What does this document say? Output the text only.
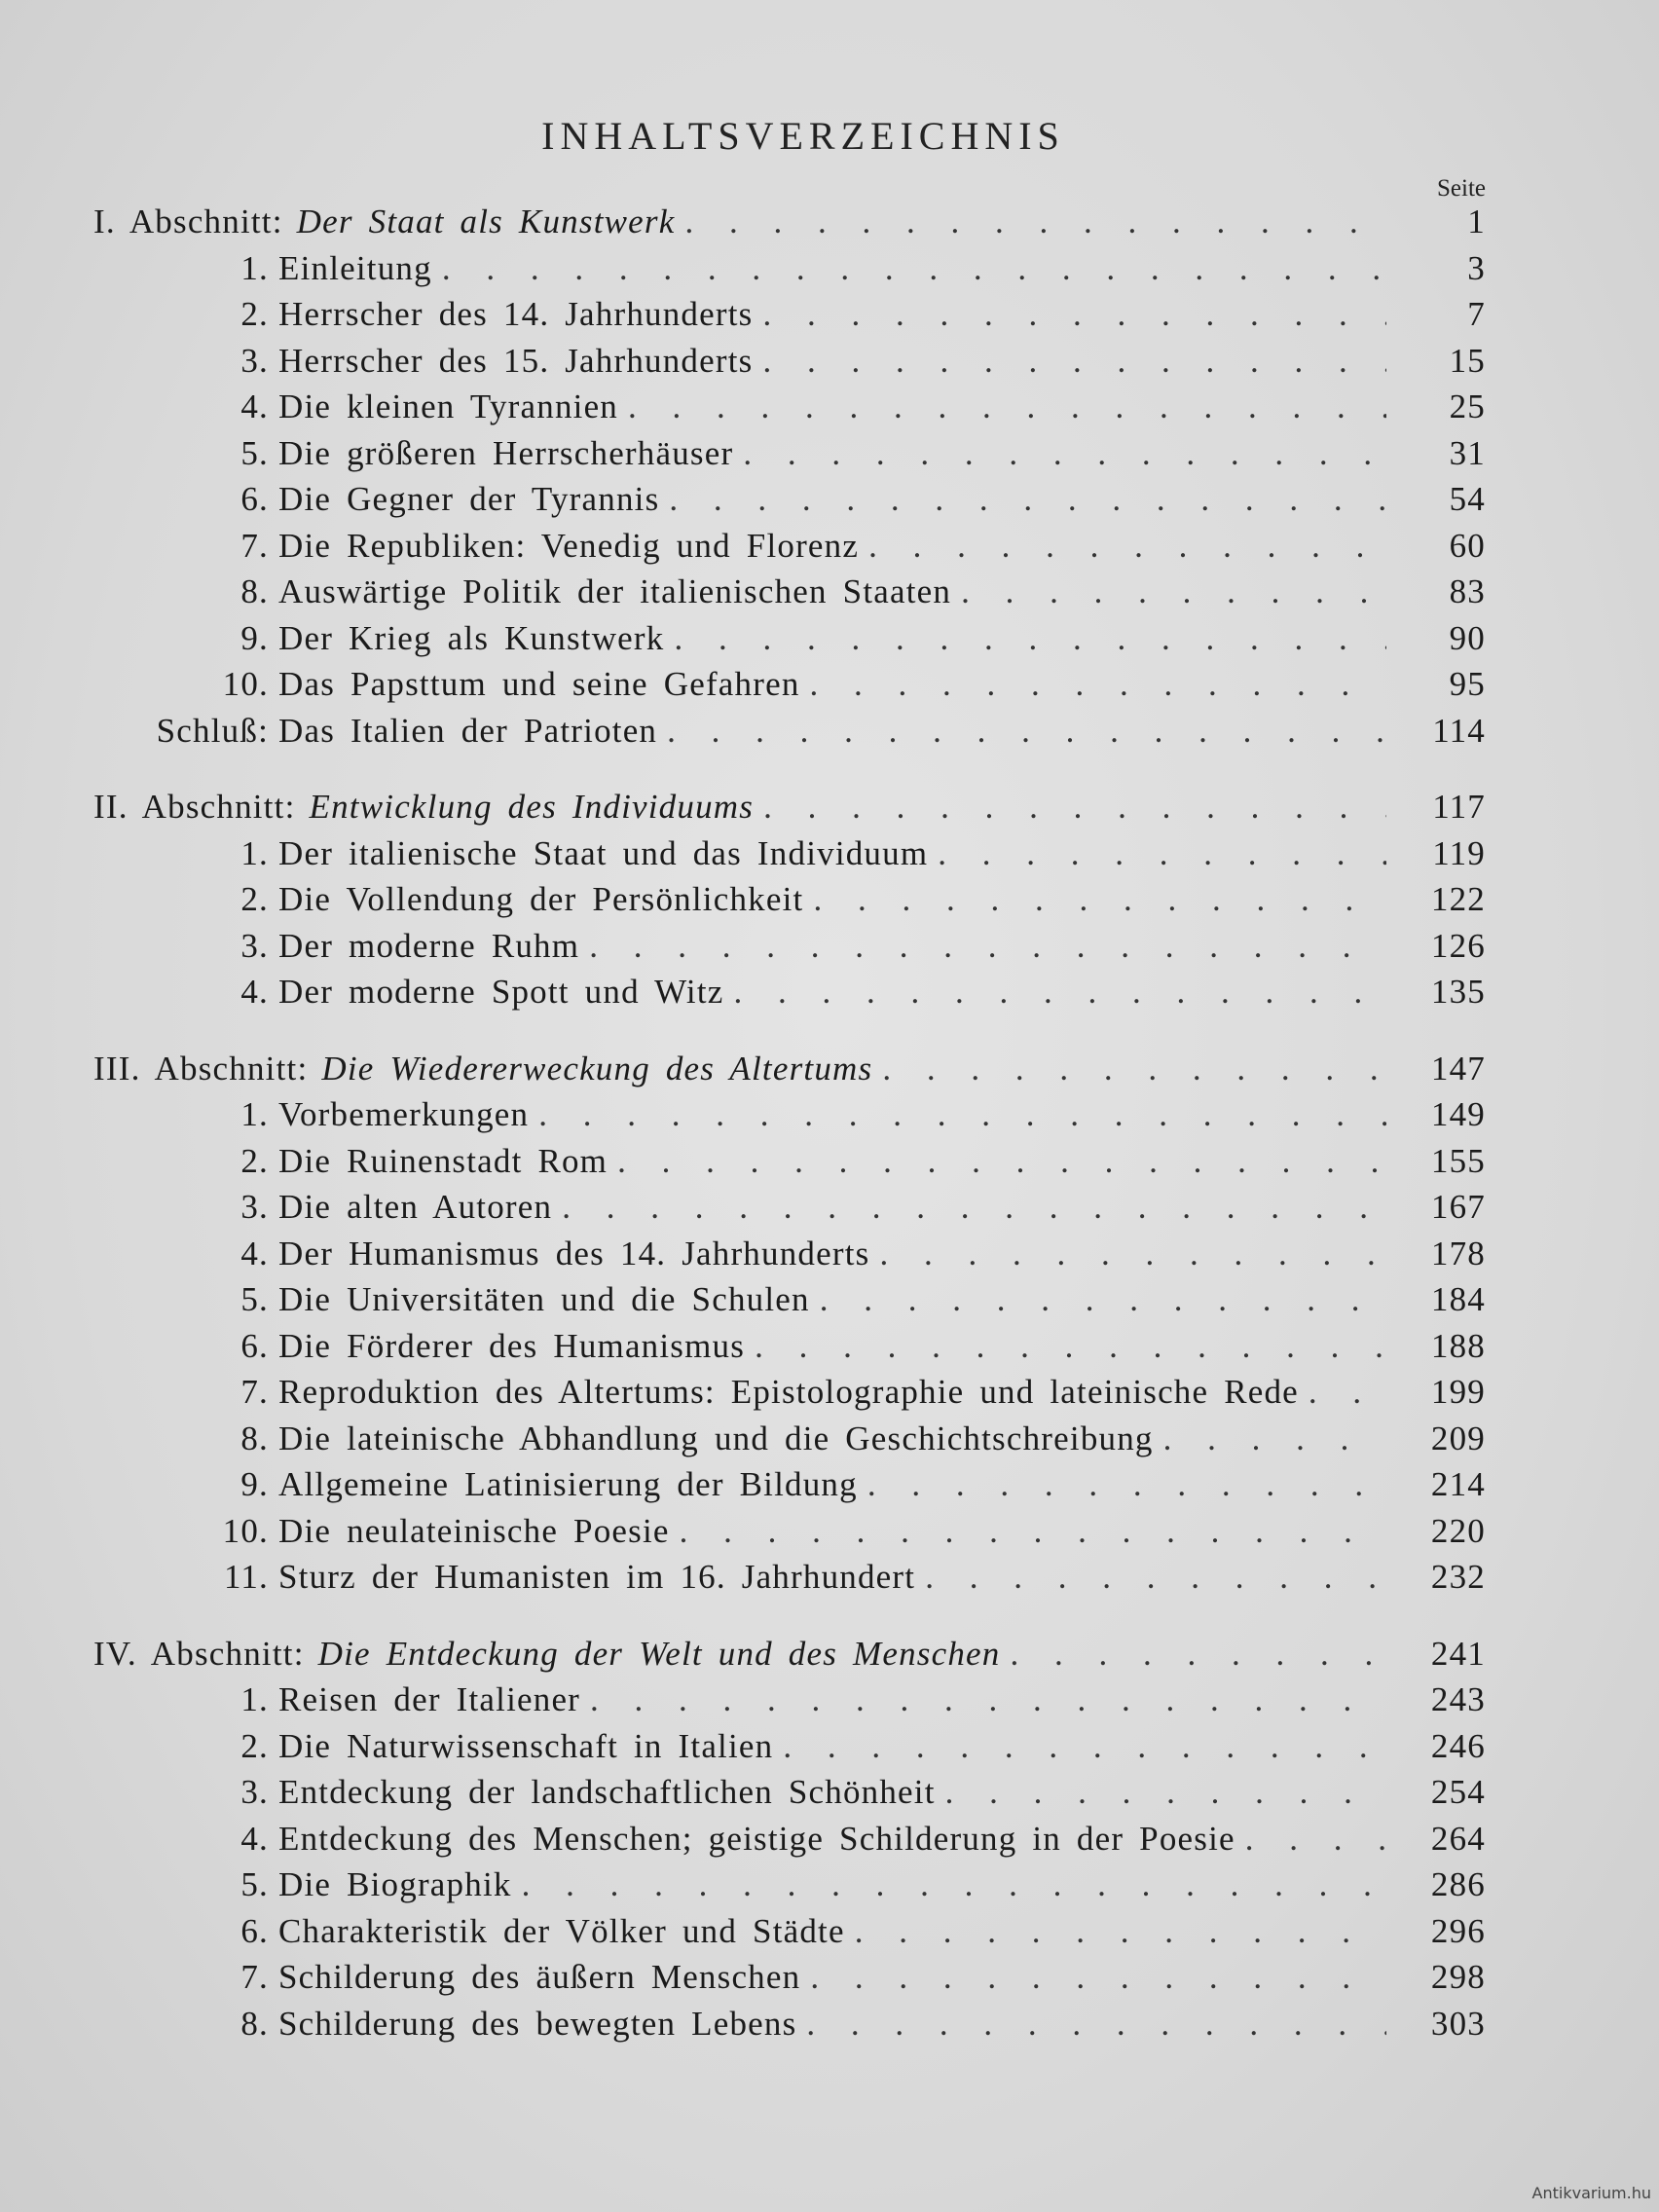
INHALTSVERZEICHNIS
Seite
I. Abschnitt: Der Staat als Kunstwerk . . .	1
1. Einleitung . . .	3
2. Herrscher des 14. Jahrhunderts . . .	7
3. Herrscher des 15. Jahrhunderts . . .	15
4. Die kleinen Tyrannien . . .	25
5. Die größeren Herrscherhäuser . . .	31
6. Die Gegner der Tyrannis . . .	54
7. Die Republiken: Venedig und Florenz . . .	60
8. Auswärtige Politik der italienischen Staaten . . .	83
9. Der Krieg als Kunstwerk . . .	90
10. Das Papsttum und seine Gefahren . . .	95
Schluß: Das Italien der Patrioten . . .	114
II. Abschnitt: Entwicklung des Individuums . . .	117
1. Der italienische Staat und das Individuum . . .	119
2. Die Vollendung der Persönlichkeit . . .	122
3. Der moderne Ruhm . . .	126
4. Der moderne Spott und Witz . . .	135
III. Abschnitt: Die Wiedererweckung des Altertums . . .	147
1. Vorbemerkungen . . .	149
2. Die Ruinenstadt Rom . . .	155
3. Die alten Autoren . . .	167
4. Der Humanismus des 14. Jahrhunderts . . .	178
5. Die Universitäten und die Schulen . . .	184
6. Die Förderer des Humanismus . . .	188
7. Reproduktion des Altertums: Epistolographie und lateinische Rede . . .	199
8. Die lateinische Abhandlung und die Geschichtschreibung . . .	209
9. Allgemeine Latinisierung der Bildung . . .	214
10. Die neulateinische Poesie . . .	220
11. Sturz der Humanisten im 16. Jahrhundert . . .	232
IV. Abschnitt: Die Entdeckung der Welt und des Menschen . . .	241
1. Reisen der Italiener . . .	243
2. Die Naturwissenschaft in Italien . . .	246
3. Entdeckung der landschaftlichen Schönheit . . .	254
4. Entdeckung des Menschen; geistige Schilderung in der Poesie . . .	264
5. Die Biographik . . .	286
6. Charakteristik der Völker und Städte . . .	296
7. Schilderung des äußern Menschen . . .	298
8. Schilderung des bewegten Lebens . . .	303
Antikvarium.hu
